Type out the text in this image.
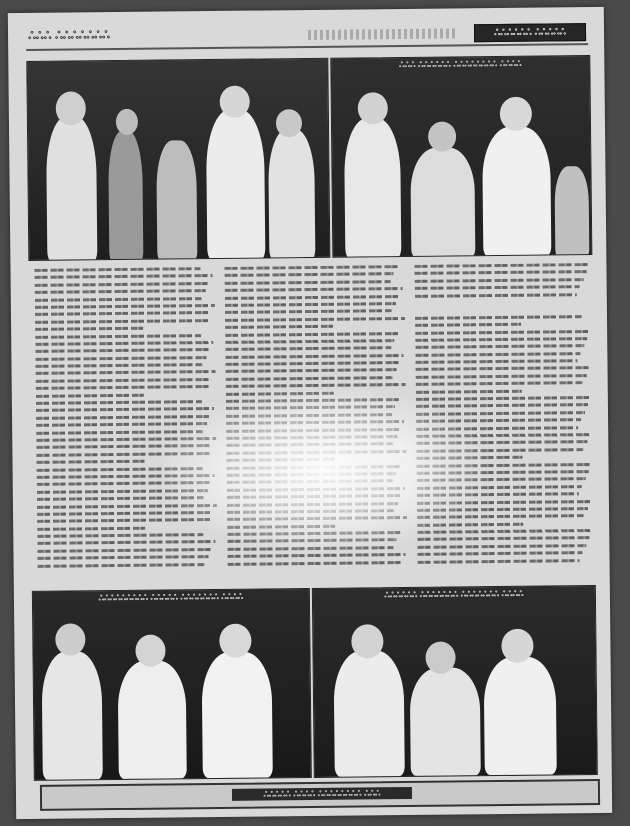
ஃஃஃ ஃஃஃஃஃஃஃ	ஃஃஃஃஃஃ ஃஃஃஃஃ
ஃஃஃ ஃஃஃஃஃஃ ஃஃஃஃஃஃஃஃ ஃஃஃஃ
ஃஃஃஃஃஃஃஃஃ ஃஃஃஃஃ ஃஃஃஃஃஃஃ ஃஃஃஃ	ஃஃஃஃஃஃ ஃஃஃஃஃஃஃ ஃஃஃஃஃஃஃ ஃஃஃஃ
ஃஃஃஃஃ ஃஃஃஃ ஃஃஃஃஃஃஃஃ ஃஃஃ
